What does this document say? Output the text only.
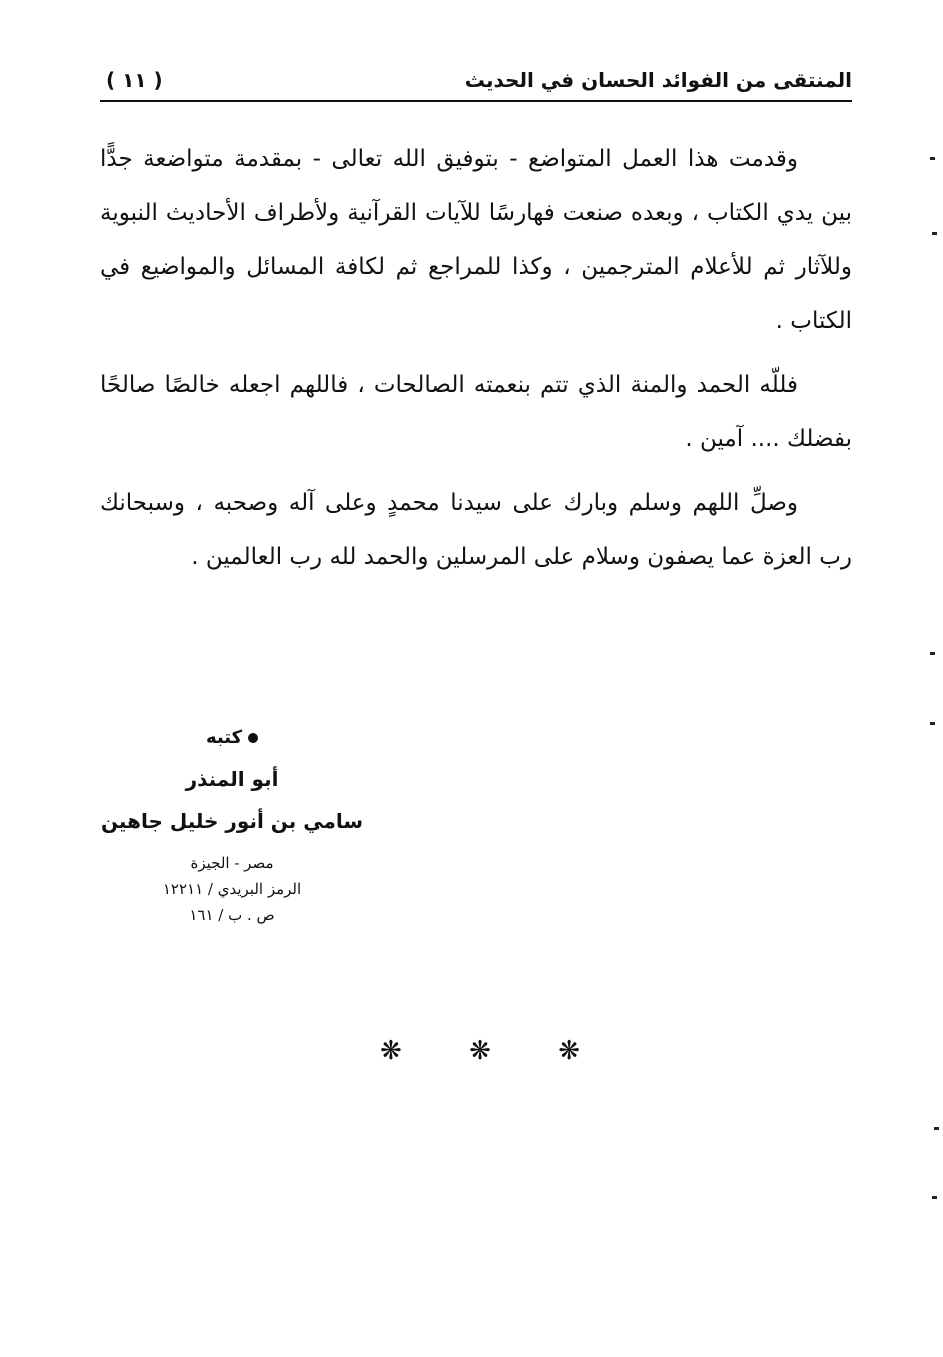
المنتقى من الفوائد الحسان في الحديث
( ١١ )

وقدمت هذا العمل المتواضع - بتوفيق الله تعالى - بمقدمة متواضعة جدًّا بين يدي الكتاب ، وبعده صنعت فهارسًا للآيات القرآنية ولأطراف الأحاديث النبوية وللآثار ثم للأعلام المترجمين ، وكذا للمراجع ثم لكافة المسائل والمواضيع في الكتاب .

فللّه الحمد والمنة الذي تتم بنعمته الصالحات ، فاللهم اجعله خالصًا صالحًا بفضلك .... آمين .

وصلِّ اللهم وسلم وبارك على سيدنا محمدٍ وعلى آله وصحبه ، وسبحانك رب العزة عما يصفون وسلام على المرسلين والحمد لله رب العالمين .

كتبه
أبو المنذر
سامي بن أنور خليل جاهين
مصر - الجيزة
الرمز البريدي / ١٢٢١١
ص . ب / ١٦١
❋	❋	❋
